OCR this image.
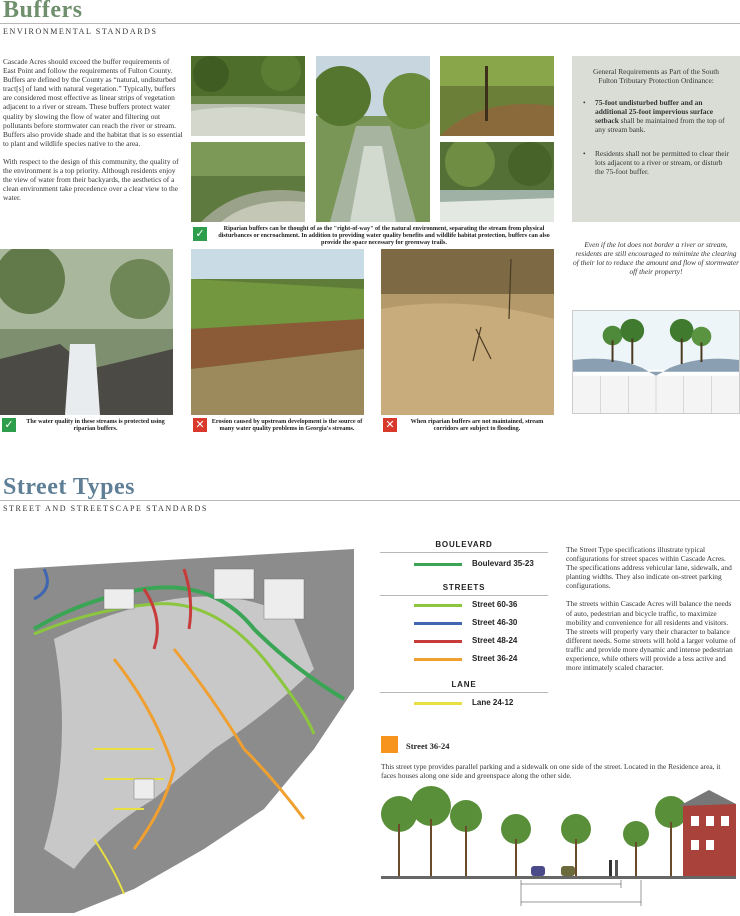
Buffers
ENVIRONMENTAL STANDARDS

Cascade Acres should exceed the buffer requirements of East Point and follow the requirements of Fulton County. Buffers are defined by the County as “natural, undisturbed tract[s] of land with natural vegetation.” Typically, buffers are considered most effective as linear strips of vegetation adjacent to a river or stream. These buffers protect water quality by slowing the flow of water and filtering out pollutants before stormwater can reach the river or stream. Buffers also provide shade and the habitat that is so essential to plant and wildlife species native to the area.

With respect to the design of this community, the quality of the environment is a top priority. Although residents enjoy the view of water from their backyards, the aesthetics of a clean environment take precedence over a clear view to the water.

✓	Riparian buffers can be thought of as the "right-of-way" of the natural environment, separating the stream from physical disturbances or encroachment. In addition to providing water quality benefits and wildlife habitat protection, buffers can also provide the space necessary for greenway trails.
General Requirements as Part of the South Fulton Tributary Protection Ordinance:
• 75-foot undisturbed buffer and an additional 25-foot impervious surface setback shall be maintained from the top of any stream bank.
• Residents shall not be permitted to clear their lots adjacent to a river or stream, or disturb the 75-foot buffer.
Even if the lot does not border a river or stream, residents are still encouraged to minimize the clearing of their lot to reduce the amount and flow of stormwater off their property!
✓	The water quality in these streams is protected using riparian buffers.	✕	Erosion caused by upstream development is the source of many water quality problems in Georgia's streams.	✕	When riparian buffers are not maintained, stream corridors are subject to flooding.
Street Types
STREET AND STREETSCAPE STANDARDS
BOULEVARD
Boulevard 35-23
STREETS
Street 60-36
Street 46-30
Street 48-24
Street 36-24
LANE
Lane 24-12

The Street Type specifications illustrate typical configurations for street spaces within Cascade Acres. The specifications address vehicular lane, sidewalk, and planting widths. They also indicate on-street parking configurations.

The streets within Cascade Acres will balance the needs of auto, pedestrian and bicycle traffic, to maximize mobility and convenience for all residents and visitors. The streets will properly vary their character to balance different needs. Some streets will hold a larger volume of traffic and provide more dynamic and intense pedestrian experience, while others will provide a less active and more intimately scaled character.

Street 36-24
This street type provides parallel parking and a sidewalk on one side of the street. Located in the Residence area, it faces houses along one side and greenspace along the other side.
